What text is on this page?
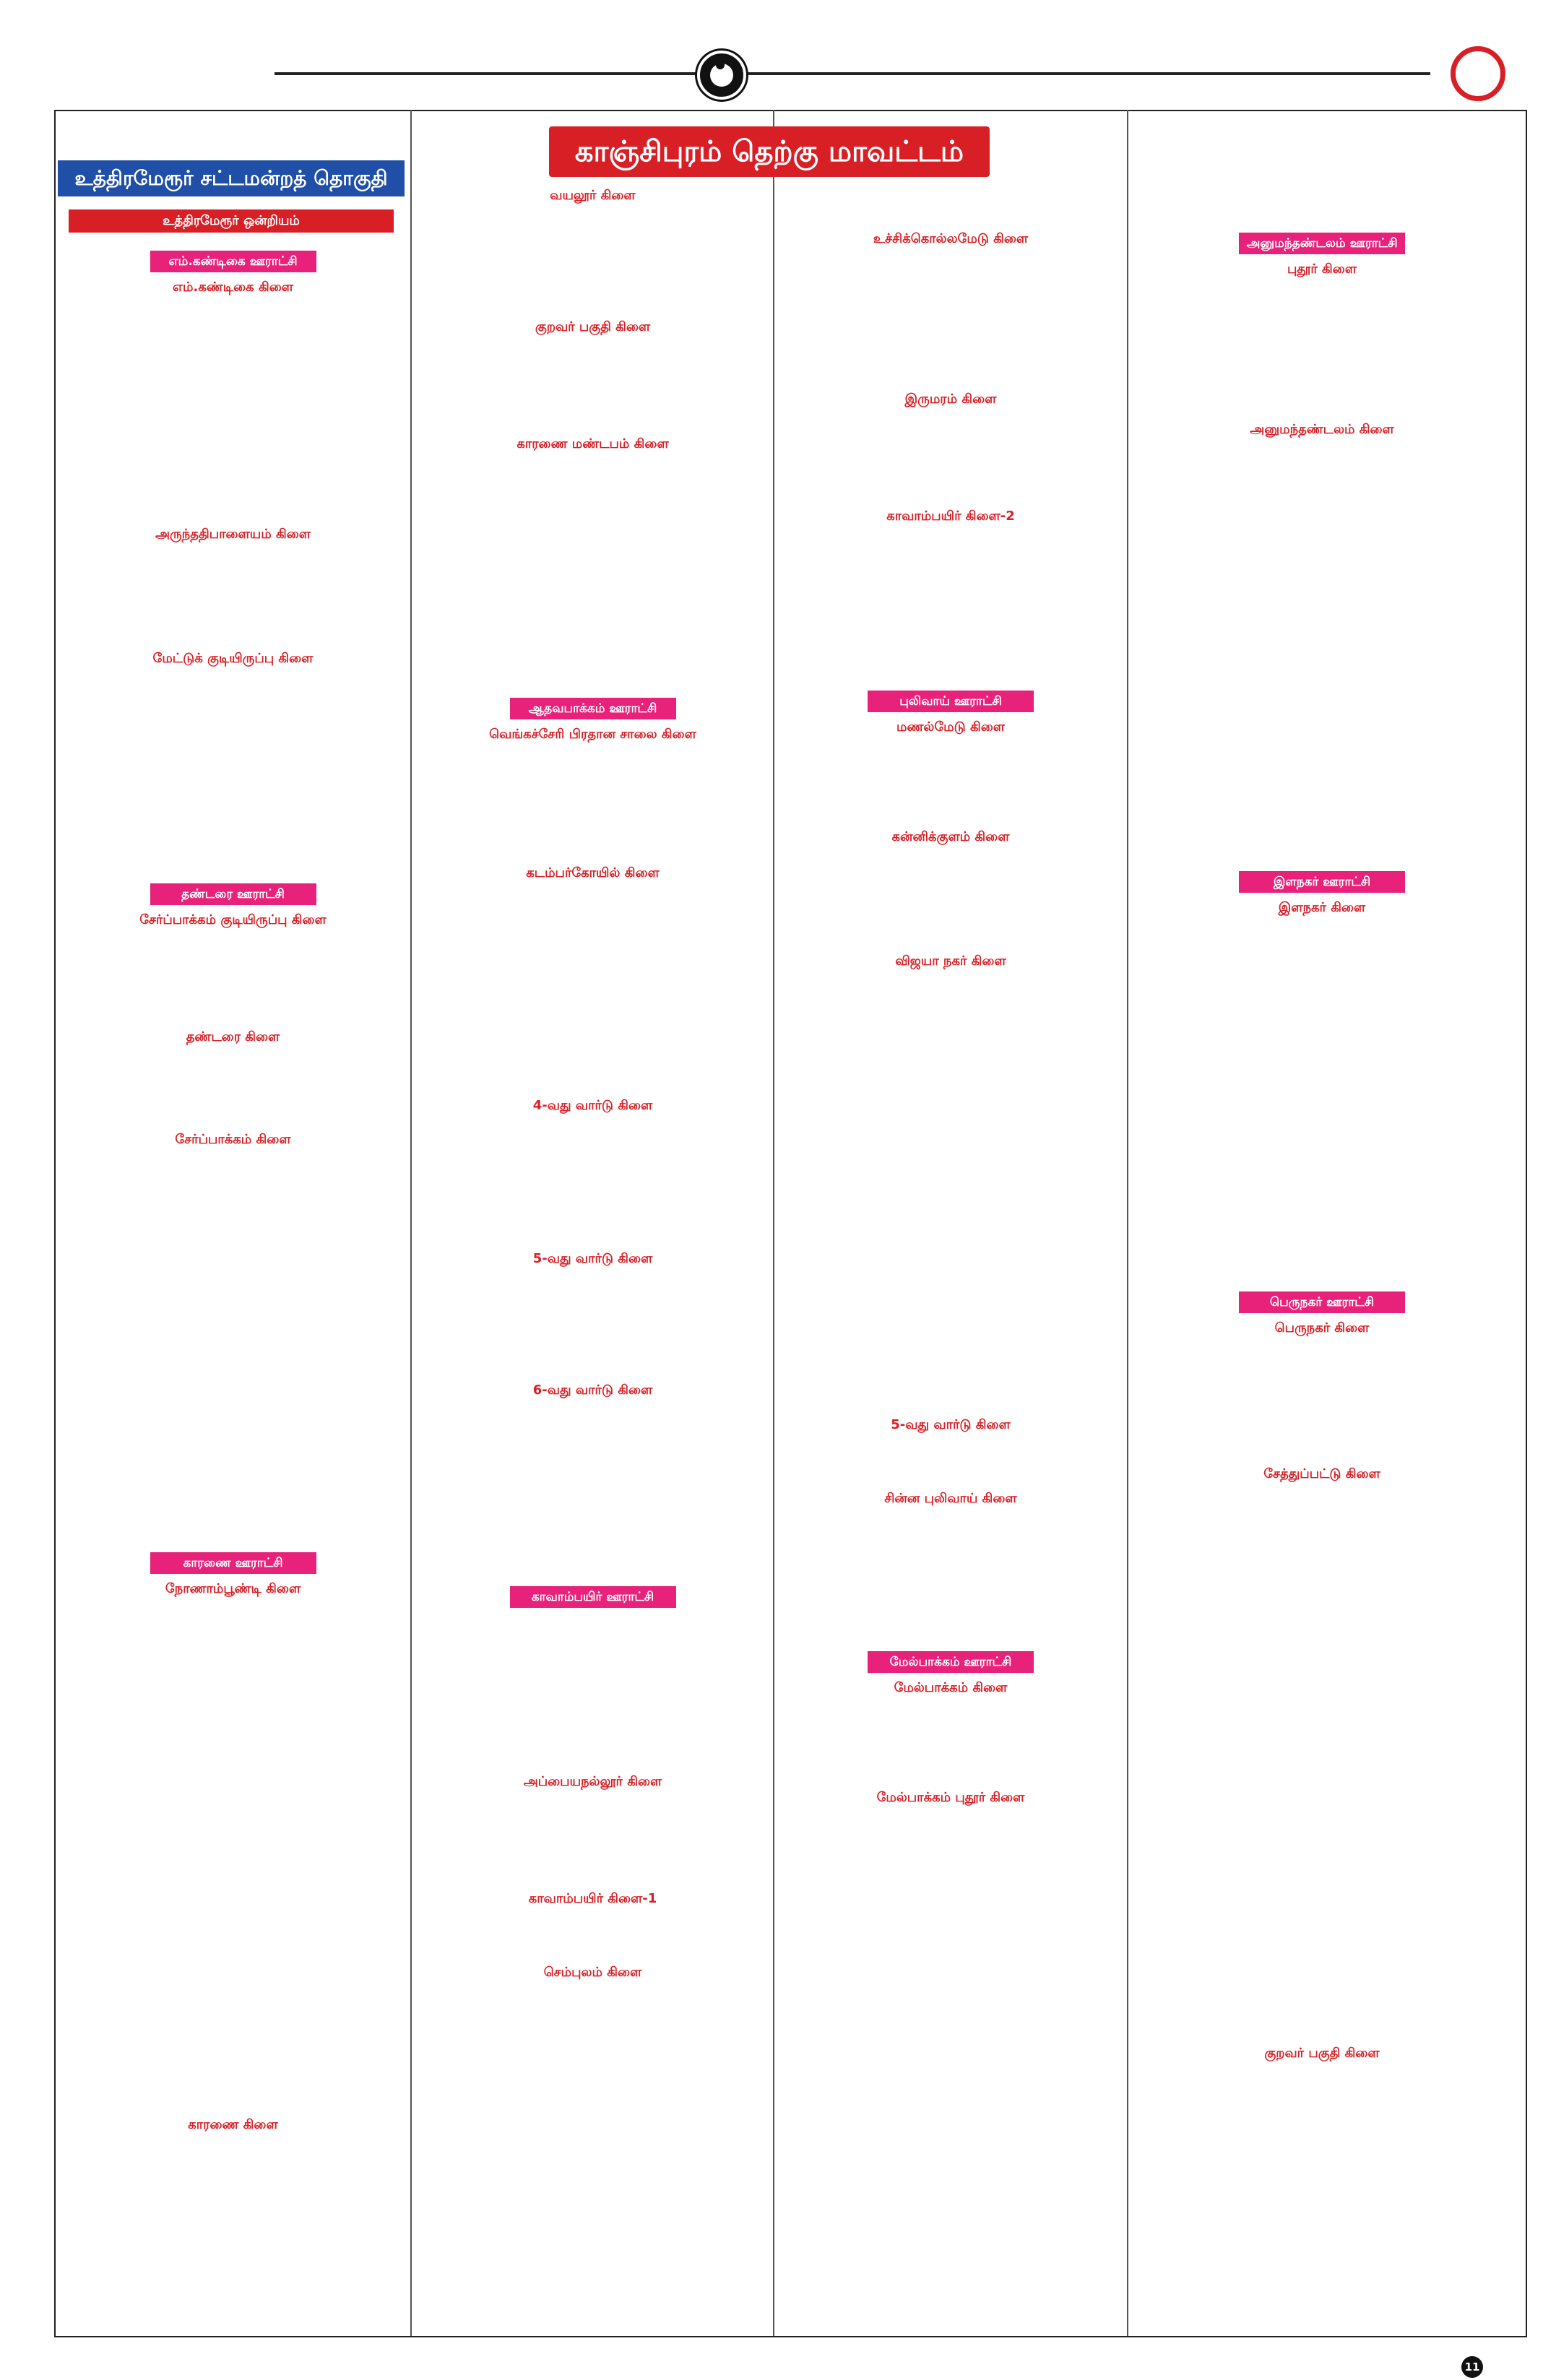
காஞ்சிபுரம் தெற்கு மாவட்டம்
உத்திரமேரூர் சட்டமன்றத் தொகுதி
உத்திரமேரூர் ஒன்றியம்
எம்.கண்டிகை ஊராட்சி
எம்.கண்டிகை கிளை
அருந்ததிபாளையம் கிளை
மேட்டுக் குடியிருப்பு கிளை
தண்டரை ஊராட்சி
சேர்ப்பாக்கம் குடியிருப்பு கிளை
தண்டரை கிளை
சேர்ப்பாக்கம் கிளை
காரணை ஊராட்சி
நோணாம்பூண்டி கிளை
காரணை கிளை
வயலூர் கிளை
குறவர் பகுதி கிளை
காரணை மண்டபம் கிளை
ஆதவபாக்கம் ஊராட்சி
வெங்கச்சேரி பிரதான சாலை கிளை
கடம்பர்கோயில் கிளை
4-வது வார்டு கிளை
5-வது வார்டு கிளை
6-வது வார்டு கிளை
காவாம்பயிர் ஊராட்சி
அப்பையநல்லூர் கிளை
காவாம்பயிர் கிளை-1
செம்புலம் கிளை
உச்சிக்கொல்லமேடு கிளை
இருமரம் கிளை
காவாம்பயிர் கிளை-2
புலிவாய் ஊராட்சி
மணல்மேடு கிளை
கன்னிக்குளம் கிளை
விஜயா நகர் கிளை
5-வது வார்டு கிளை
சின்ன புலிவாய் கிளை
மேல்பாக்கம் ஊராட்சி
மேல்பாக்கம் கிளை
மேல்பாக்கம் புதூர் கிளை
அனுமந்தண்டலம் ஊராட்சி
புதூர் கிளை
அனுமந்தண்டலம் கிளை
இளநகர் ஊராட்சி
இளநகர் கிளை
பெருநகர் ஊராட்சி
பெருநகர் கிளை
சேத்துப்பட்டு கிளை
குறவர் பகுதி கிளை
11
